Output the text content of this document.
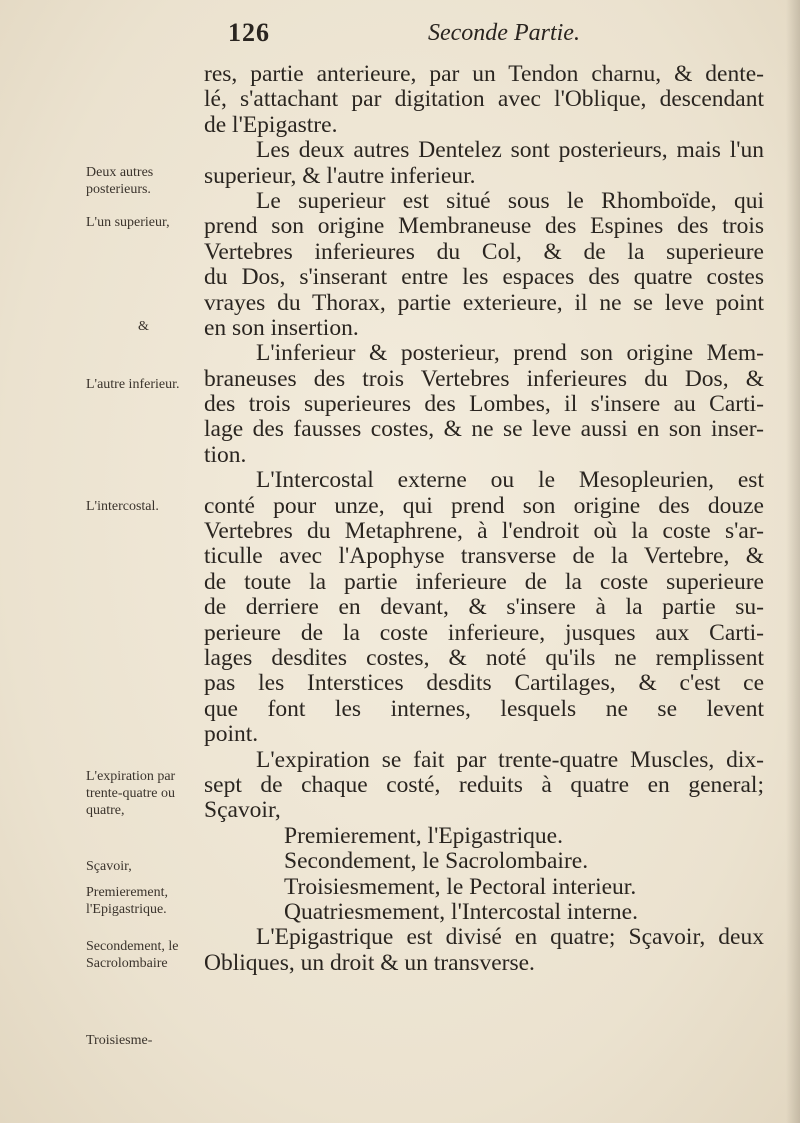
126	Seconde Partie.
Deux autres posterieurs.
L'un superieur,
&
L'autre inferieur.
L'intercostal.
L'expiration par trente-quatre ou quatre,
Sçavoir,
Premierement, l'Epigastrique.
Secondement, le Sacrolombaire
Troisiesme-
res, partie anterieure, par un Tendon charnu, & dente-
lé, s'attachant par digitation avec l'Oblique, descendant
de l'Epigastre.
Les deux autres Dentelez sont posterieurs, mais l'un
superieur, & l'autre inferieur.
Le superieur est situé sous le Rhomboïde, qui
prend son origine Membraneuse des Espines des trois
Vertebres inferieures du Col, & de la superieure
du Dos, s'inserant entre les espaces des quatre costes
vrayes du Thorax, partie exterieure, il ne se leve point
en son insertion.
L'inferieur & posterieur, prend son origine Mem-
braneuses des trois Vertebres inferieures du Dos, &
des trois superieures des Lombes, il s'insere au Carti-
lage des fausses costes, & ne se leve aussi en son inser-
tion.
L'Intercostal externe ou le Mesopleurien, est
conté pour unze, qui prend son origine des douze
Vertebres du Metaphrene, à l'endroit où la coste s'ar-
ticulle avec l'Apophyse transverse de la Vertebre, &
de toute la partie inferieure de la coste superieure
de derriere en devant, & s'insere à la partie su-
perieure de la coste inferieure, jusques aux Carti-
lages desdites costes, & noté qu'ils ne remplissent
pas les Interstices desdits Cartilages, & c'est ce
que font les internes, lesquels ne se levent
point.
L'expiration se fait par trente-quatre Muscles, dix-
sept de chaque costé, reduits à quatre en general;
Sçavoir,
Premierement, l'Epigastrique.
Secondement, le Sacrolombaire.
Troisiesmement, le Pectoral interieur.
Quatriesmement, l'Intercostal interne.
L'Epigastrique est divisé en quatre; Sçavoir, deux
Obliques, un droit & un transverse.
